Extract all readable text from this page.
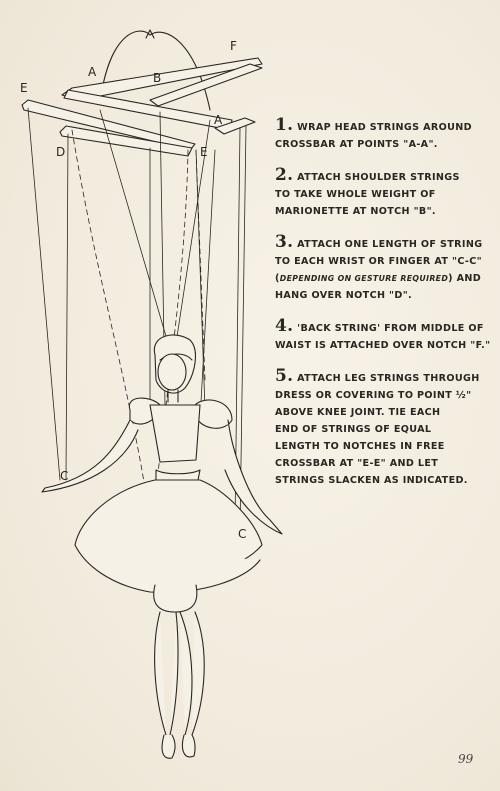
A	B
F
E
A
D	E
C
C
1. WRAP HEAD STRINGS AROUND
CROSSBAR AT POINTS "A-A".
2. ATTACH SHOULDER STRINGS
TO TAKE WHOLE WEIGHT OF
MARIONETTE AT NOTCH "B".
3. ATTACH ONE LENGTH OF STRING
TO EACH WRIST OR FINGER AT "C-C"
(DEPENDING ON GESTURE REQUIRED) AND
HANG OVER NOTCH "D".
4. 'BACK STRING' FROM MIDDLE OF
WAIST IS ATTACHED OVER NOTCH "F."
5. ATTACH LEG STRINGS THROUGH
DRESS OR COVERING TO POINT ½"
ABOVE KNEE JOINT. TIE EACH
END OF STRINGS OF EQUAL
LENGTH TO NOTCHES IN FREE
CROSSBAR AT "E-E" AND LET
STRINGS SLACKEN AS INDICATED.
99
